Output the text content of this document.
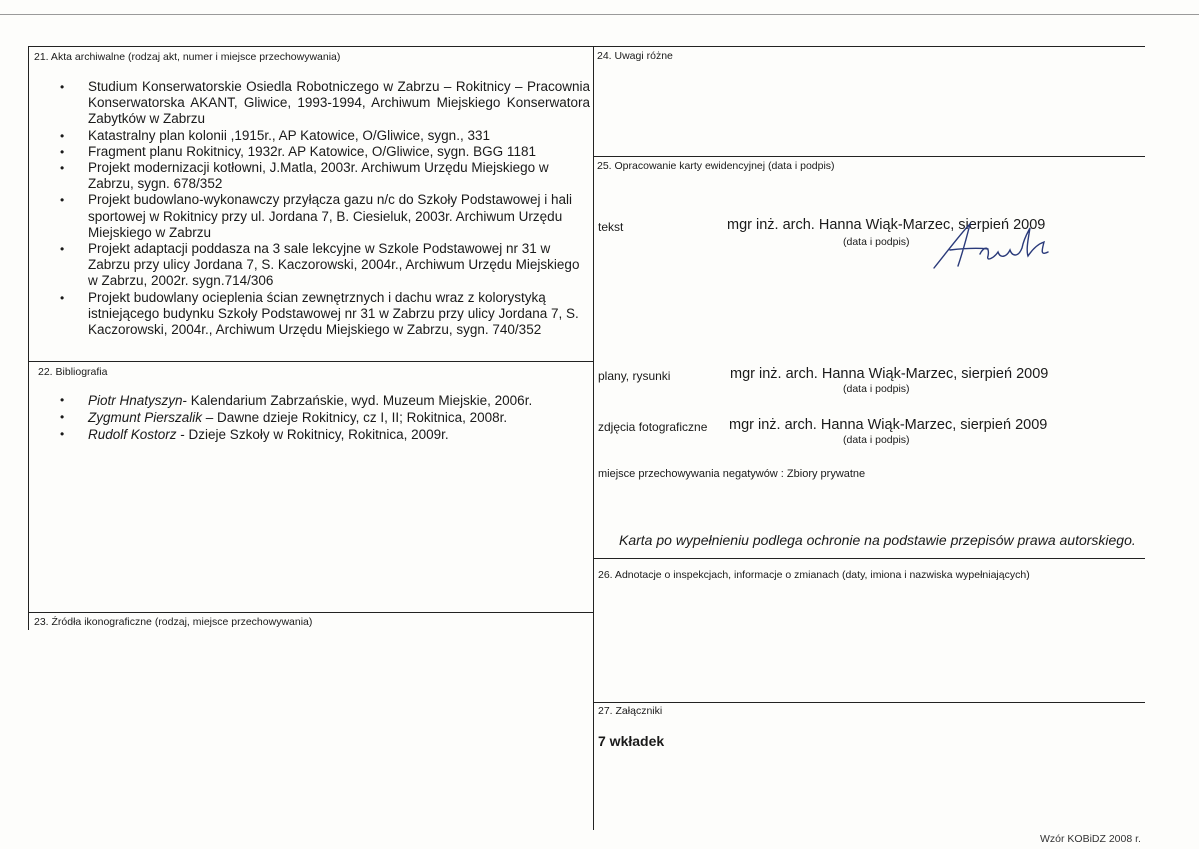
21. Akta archiwalne (rodzaj akt, numer i miejsce przechowywania)
• Studium Konserwatorskie Osiedla Robotniczego w Zabrzu – Rokitnicy – Pracownia Konserwatorska AKANT, Gliwice, 1993-1994, Archiwum Miejskiego Konserwatora Zabytków w Zabrzu
• Katastralny plan kolonii ,1915r., AP Katowice, O/Gliwice, sygn., 331
• Fragment planu Rokitnicy, 1932r. AP Katowice, O/Gliwice, sygn. BGG 1181
• Projekt modernizacji kotłowni, J.Matla, 2003r. Archiwum Urzędu Miejskiego w Zabrzu, sygn. 678/352
• Projekt budowlano-wykonawczy przyłącza gazu n/c do Szkoły Podstawowej i hali sportowej w Rokitnicy przy ul. Jordana 7, B. Ciesieluk, 2003r. Archiwum Urzędu Miejskiego w Zabrzu
• Projekt adaptacji poddasza na 3 sale lekcyjne w Szkole Podstawowej nr 31 w Zabrzu przy ulicy Jordana 7, S. Kaczorowski, 2004r., Archiwum Urzędu Miejskiego w Zabrzu, 2002r. sygn.714/306
• Projekt budowlany ocieplenia ścian zewnętrznych i dachu wraz z kolorystyką istniejącego budynku Szkoły Podstawowej nr 31 w Zabrzu przy ulicy Jordana 7, S. Kaczorowski, 2004r., Archiwum Urzędu Miejskiego w Zabrzu, sygn. 740/352
22. Bibliografia
• Piotr Hnatyszyn- Kalendarium Zabrzańskie, wyd. Muzeum Miejskie, 2006r.
• Zygmunt Pierszalik – Dawne dzieje Rokitnicy, cz I, II; Rokitnica, 2008r.
• Rudolf Kostorz - Dzieje Szkoły w Rokitnicy, Rokitnica, 2009r.
23. Źródła ikonograficzne (rodzaj, miejsce przechowywania)
24. Uwagi różne
25. Opracowanie karty ewidencyjnej (data i podpis)
tekst	mgr inż. arch. Hanna Wiąk-Marzec, sierpień 2009
(data i podpis)
plany, rysunki	mgr inż. arch. Hanna Wiąk-Marzec, sierpień 2009
(data i podpis)
zdjęcia fotograficzne mgr inż. arch. Hanna Wiąk-Marzec, sierpień 2009
(data i podpis)
miejsce przechowywania negatywów : Zbiory prywatne
Karta po wypełnieniu podlega ochronie na podstawie przepisów prawa autorskiego.
26. Adnotacje o inspekcjach, informacje o zmianach (daty, imiona i nazwiska wypełniających)
27. Załączniki
7 wkładek
Wzór KOBiDZ 2008 r.
